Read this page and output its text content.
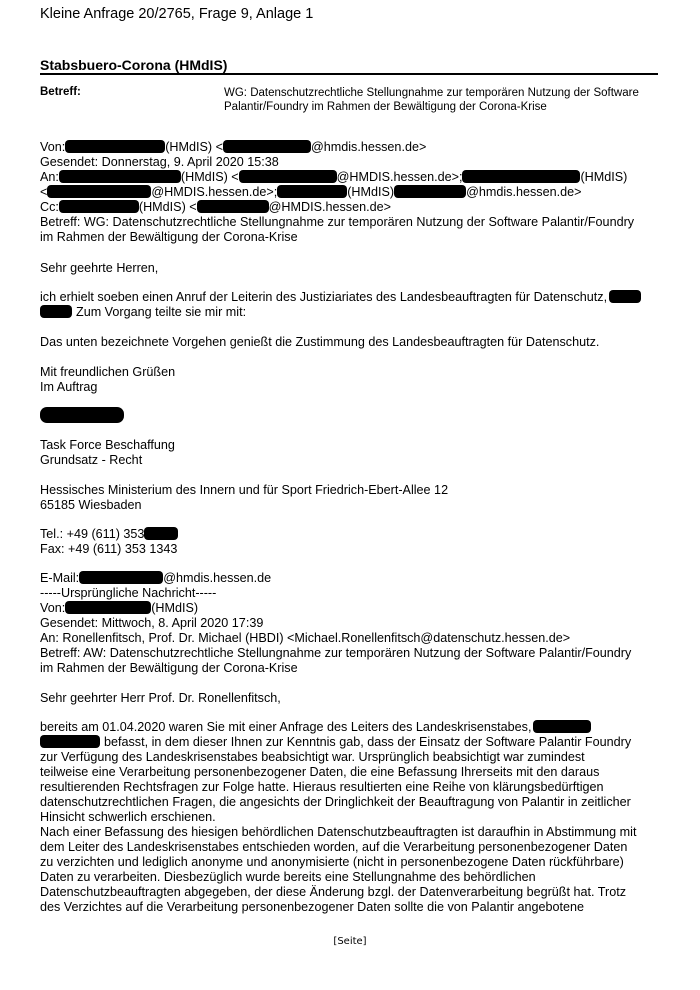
Kleine Anfrage 20/2765, Frage 9, Anlage 1
Stabsbuero-Corona (HMdIS)
Betreff:	WG: Datenschutzrechtliche Stellungnahme zur temporären Nutzung der Software
Palantir/Foundry im Rahmen der Bewältigung der Corona-Krise
Von:	(HMdIS) <	@hmdis.hessen.de>
Gesendet: Donnerstag, 9. April 2020 15:38
An:	(HMdIS) <	@HMDIS.hessen.de>;	(HMdIS)
<	@HMDIS.hessen.de>;	(HMdIS)	@hmdis.hessen.de>
Cc:	(HMdIS) <	@HMDIS.hessen.de>
Betreff: WG: Datenschutzrechtliche Stellungnahme zur temporären Nutzung der Software Palantir/Foundry
im Rahmen der Bewältigung der Corona-Krise
Sehr geehrte Herren,
ich erhielt soeben einen Anruf der Leiterin des Justiziariates des Landesbeauftragten für Datenschutz,
Zum Vorgang teilte sie mir mit:
Das unten bezeichnete Vorgehen genießt die Zustimmung des Landesbeauftragten für Datenschutz.
Mit freundlichen Grüßen
Im Auftrag
Task Force Beschaffung
Grundsatz - Recht
Hessisches Ministerium des Innern und für Sport Friedrich-Ebert-Allee 12
65185 Wiesbaden
Tel.: +49 (611) 353
Fax: +49 (611) 353 1343
E-Mail:	@hmdis.hessen.de
-----Ursprüngliche Nachricht-----
Von:	(HMdIS)
Gesendet: Mittwoch, 8. April 2020 17:39
An: Ronellenfitsch, Prof. Dr. Michael (HBDI) <Michael.Ronellenfitsch@datenschutz.hessen.de>
Betreff: AW: Datenschutzrechtliche Stellungnahme zur temporären Nutzung der Software Palantir/Foundry
im Rahmen der Bewältigung der Corona-Krise
Sehr geehrter Herr Prof. Dr. Ronellenfitsch,
bereits am 01.04.2020 waren Sie mit einer Anfrage des Leiters des Landeskrisenstabes,
befasst, in dem dieser Ihnen zur Kenntnis gab, dass der Einsatz der Software Palantir Foundry
zur Verfügung des Landeskrisenstabes beabsichtigt war. Ursprünglich beabsichtigt war zumindest
teilweise eine Verarbeitung personenbezogener Daten, die eine Befassung Ihrerseits mit den daraus
resultierenden Rechtsfragen zur Folge hatte. Hieraus resultierten eine Reihe von klärungsbedürftigen
datenschutzrechtlichen Fragen, die angesichts der Dringlichkeit der Beauftragung von Palantir in zeitlicher
Hinsicht schwerlich erschienen.
Nach einer Befassung des hiesigen behördlichen Datenschutzbeauftragten ist daraufhin in Abstimmung mit
dem Leiter des Landeskrisenstabes entschieden worden, auf die Verarbeitung personenbezogener Daten
zu verzichten und lediglich anonyme und anonymisierte (nicht in personenbezogene Daten rückführbare)
Daten zu verarbeiten. Diesbezüglich wurde bereits eine Stellungnahme des behördlichen
Datenschutzbeauftragten abgegeben, der diese Änderung bzgl. der Datenverarbeitung begrüßt hat. Trotz
des Verzichtes auf die Verarbeitung personenbezogener Daten sollte die von Palantir angebotene
[Seite]
